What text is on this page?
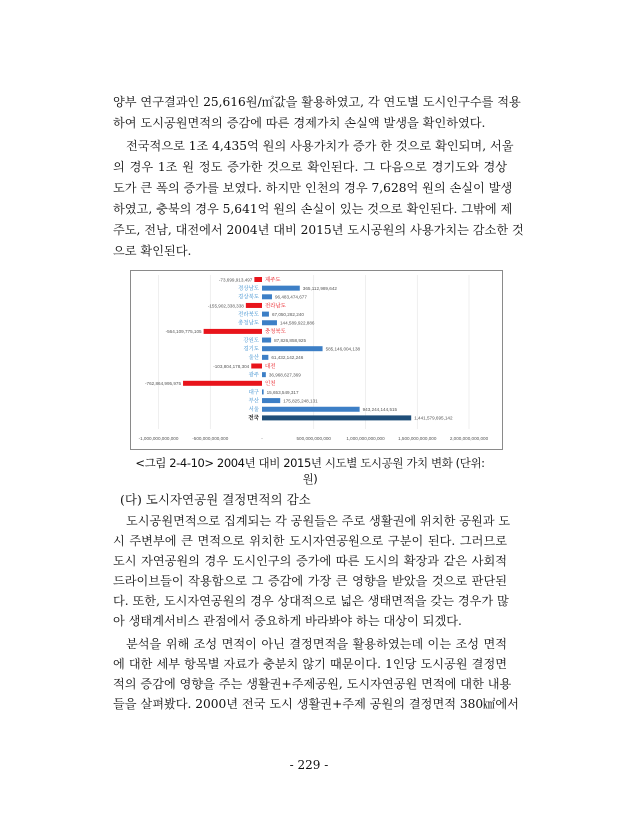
양부 연구결과인 25,616원/㎡값을 활용하였고, 각 연도별 도시인구수를 적용
하여 도시공원면적의 증감에 따른 경제가치 손실액 발생을 확인하였다.
전국적으로 1조 4,435억 원의 사용가치가 증가 한 것으로 확인되며, 서울
의 경우 1조 원 정도 증가한 것으로 확인된다. 그 다음으로 경기도와 경상
도가 큰 폭의 증가를 보였다. 하지만 인천의 경우 7,628억 원의 손실이 발생
하였고, 충북의 경우 5,641억 원의 손실이 있는 것으로 확인된다. 그밖에 제
주도, 전남, 대전에서 2004년 대비 2015년 도시공원의 사용가치는 감소한 것
으로 확인된다.
-1,000,000,000,000	-500,000,000,000	-	500,000,000,000	1,000,000,000,000	1,500,000,000,000	2,000,000,000,000
제주도
-73,699,913,497
경상남도	365,112,989,642
경상북도	96,483,474,677
전라남도
-155,902,338,338
전라북도	67,050,282,240
충청남도	144,589,922,886
충청북도
-564,109,775,105
강원도	87,826,858,925
경기도	585,146,004,138
울산	61,432,142,246
대전
-103,804,178,304
광주 36,968,627,369
인천
-762,864,995,975
대구 15,653,549,317
부산	175,825,248,131
서울	943,244,144,515
전국	1,441,579,695,142
<그림 2-4-10> 2004년 대비 2015년 시도별 도시공원 가치 변화 (단위: 원)
(다) 도시자연공원 결정면적의 감소
도시공원면적으로 집계되는 각 공원들은 주로 생활권에 위치한 공원과 도
시 주변부에 큰 면적으로 위치한 도시자연공원으로 구분이 된다. 그러므로
도시 자연공원의 경우 도시인구의 증가에 따른 도시의 확장과 같은 사회적
드라이브들이 작용함으로 그 증감에 가장 큰 영향을 받았을 것으로 판단된
다. 또한, 도시자연공원의 경우 상대적으로 넓은 생태면적을 갖는 경우가 많
아 생태계서비스 관점에서 중요하게 바라봐야 하는 대상이 되겠다.
분석을 위해 조성 면적이 아닌 결정면적을 활용하였는데 이는 조성 면적
에 대한 세부 항목별 자료가 충분치 않기 때문이다. 1인당 도시공원 결정면
적의 증감에 영향을 주는 생활권+주제공원, 도시자연공원 면적에 대한 내용
들을 살펴봤다. 2000년 전국 도시 생활권+주제 공원의 결정면적 380㎢에서
- 229 -
